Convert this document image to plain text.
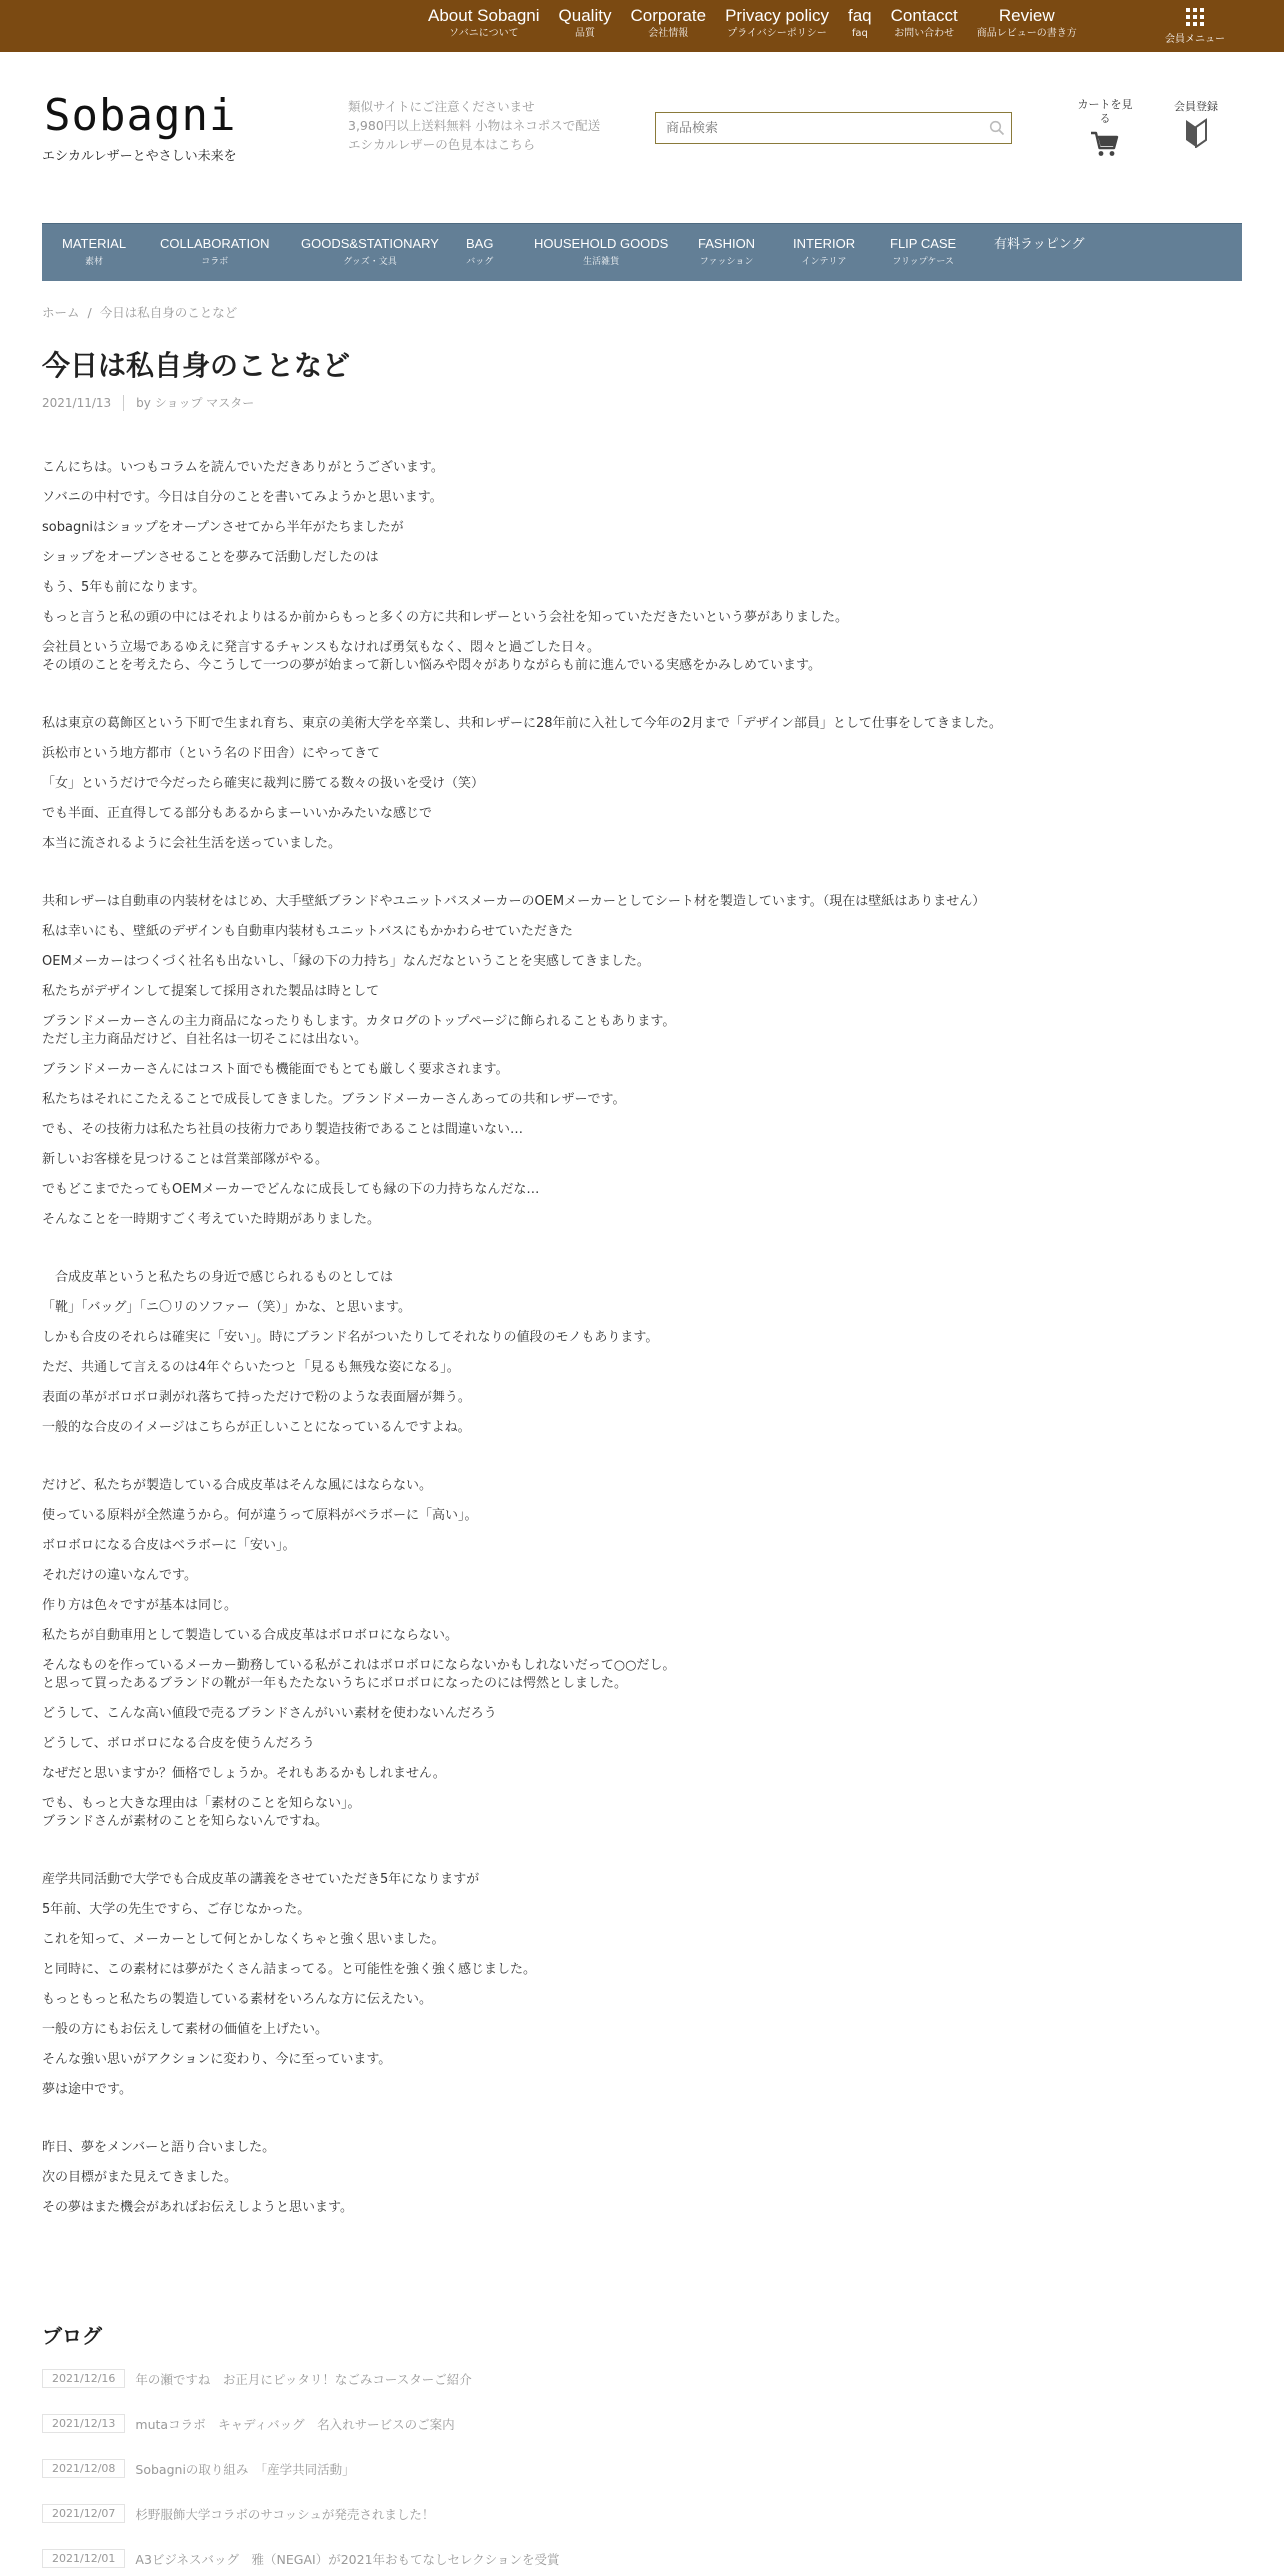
About Sobagni
ソバニについて
Quality
品質
Corporate
会社情報
Privacy policy
プライバシーポリシー
faq
faq
Contacct
お問い合わせ
Review
商品レビューの書き方
会員メニュー
Sobagni
エシカルレザーとやさしい未来を
類似サイトにご注意くださいませ
3,980円以上送料無料 小物はネコポスで配送
エシカルレザーの色見本はこちら
商品検索
カートを見る
会員登録
MATERIAL
素材
COLLABORATION
コラボ
GOODS&STATIONARY
グッズ・文具
BAG
バッグ
HOUSEHOLD GOODS
生活雑貨
FASHION
ファッション
INTERIOR
インテリア
FLIP CASE
フリップケース
有料ラッピング
ホーム / 今日は私自身のことなど
今日は私自身のことなど
2021/11/13 by ショップ マスター

こんにちは。いつもコラムを読んでいただきありがとうございます。

ソバニの中村です。今日は自分のことを書いてみようかと思います。

sobagniはショップをオープンさせてから半年がたちましたが

ショップをオープンさせることを夢みて活動しだしたのは

もう、5年も前になります。

もっと言うと私の頭の中にはそれよりはるか前からもっと多くの方に共和レザーという会社を知っていただきたいという夢がありました。

会社員という立場であるゆえに発言するチャンスもなければ勇気もなく、悶々と過ごした日々。

その頃のことを考えたら、今こうして一つの夢が始まって新しい悩みや悶々がありながらも前に進んでいる実感をかみしめています。

私は東京の葛飾区という下町で生まれ育ち、東京の美術大学を卒業し、共和レザーに28年前に入社して今年の2月まで「デザイン部員」として仕事をしてきました。

浜松市という地方都市（という名のド田舎）にやってきて

「女」というだけで今だったら確実に裁判に勝てる数々の扱いを受け（笑）

でも半面、正直得してる部分もあるからまーいいかみたいな感じで

本当に流されるように会社生活を送っていました。

共和レザーは自動車の内装材をはじめ、大手壁紙ブランドやユニットバスメーカーのOEMメーカーとしてシート材を製造しています。（現在は壁紙はありません）

私は幸いにも、壁紙のデザインも自動車内装材もユニットバスにもかかわらせていただきた

OEMメーカーはつくづく社名も出ないし、「縁の下の力持ち」なんだなということを実感してきました。

私たちがデザインして提案して採用された製品は時として

ブランドメーカーさんの主力商品になったりもします。カタログのトップページに飾られることもあります。

ただし主力商品だけど、自社名は一切そこには出ない。

ブランドメーカーさんにはコスト面でも機能面でもとても厳しく要求されます。

私たちはそれにこたえることで成長してきました。ブランドメーカーさんあっての共和レザーです。

でも、その技術力は私たち社員の技術力であり製造技術であることは間違いない…

新しいお客様を見つけることは営業部隊がやる。

でもどこまでたってもOEMメーカーでどんなに成長しても縁の下の力持ちなんだな…

そんなことを一時期すごく考えていた時期がありました。

　合成皮革というと私たちの身近で感じられるものとしては

「靴」「バッグ」「ニ〇リのソファー（笑）」かな、と思います。

しかも合皮のそれらは確実に「安い」。時にブランド名がついたりしてそれなりの値段のモノもあります。

ただ、共通して言えるのは4年ぐらいたつと「見るも無残な姿になる」。

表面の革がボロボロ剥がれ落ちて持っただけで粉のような表面層が舞う。

一般的な合皮のイメージはこちらが正しいことになっているんですよね。

だけど、私たちが製造している合成皮革はそんな風にはならない。

使っている原料が全然違うから。何が違うって原料がベラボーに「高い」。

ボロボロになる合皮はベラボーに「安い」。

それだけの違いなんです。

作り方は色々ですが基本は同じ。

私たちが自動車用として製造している合成皮革はボロボロにならない。

そんなものを作っているメーカー勤務している私がこれはボロボロにならないかもしれないだって○○だし。

と思って買ったあるブランドの靴が一年もたたないうちにボロボロになったのには愕然としました。

どうして、こんな高い値段で売るブランドさんがいい素材を使わないんだろう

どうして、ボロボロになる合皮を使うんだろう

なぜだと思いますか？価格でしょうか。それもあるかもしれません。

でも、もっと大きな理由は「素材のことを知らない」。

ブランドさんが素材のことを知らないんですね。

産学共同活動で大学でも合成皮革の講義をさせていただき5年になりますが

5年前、大学の先生ですら、ご存じなかった。

これを知って、メーカーとして何とかしなくちゃと強く思いました。

と同時に、この素材には夢がたくさん詰まってる。と可能性を強く強く感じました。

もっともっと私たちの製造している素材をいろんな方に伝えたい。

一般の方にもお伝えして素材の価値を上げたい。

そんな強い思いがアクションに変わり、今に至っています。

夢は途中です。

昨日、夢をメンバーと語り合いました。

次の目標がまた見えてきました。

その夢はまた機会があればお伝えしようと思います。

ブログ
2021/12/16	年の瀬ですね　お正月にピッタリ！なごみコースターご紹介
2021/12/13	mutaコラボ　キャディバッグ　名入れサービスのご案内
2021/12/08	Sobagniの取り組み　「産学共同活動」
2021/12/07	杉野服飾大学コラボのサコッシュが発売されました！
2021/12/01	A3ビジネスバッグ　雅（NEGAI）が2021年おもてなしセレクションを受賞
